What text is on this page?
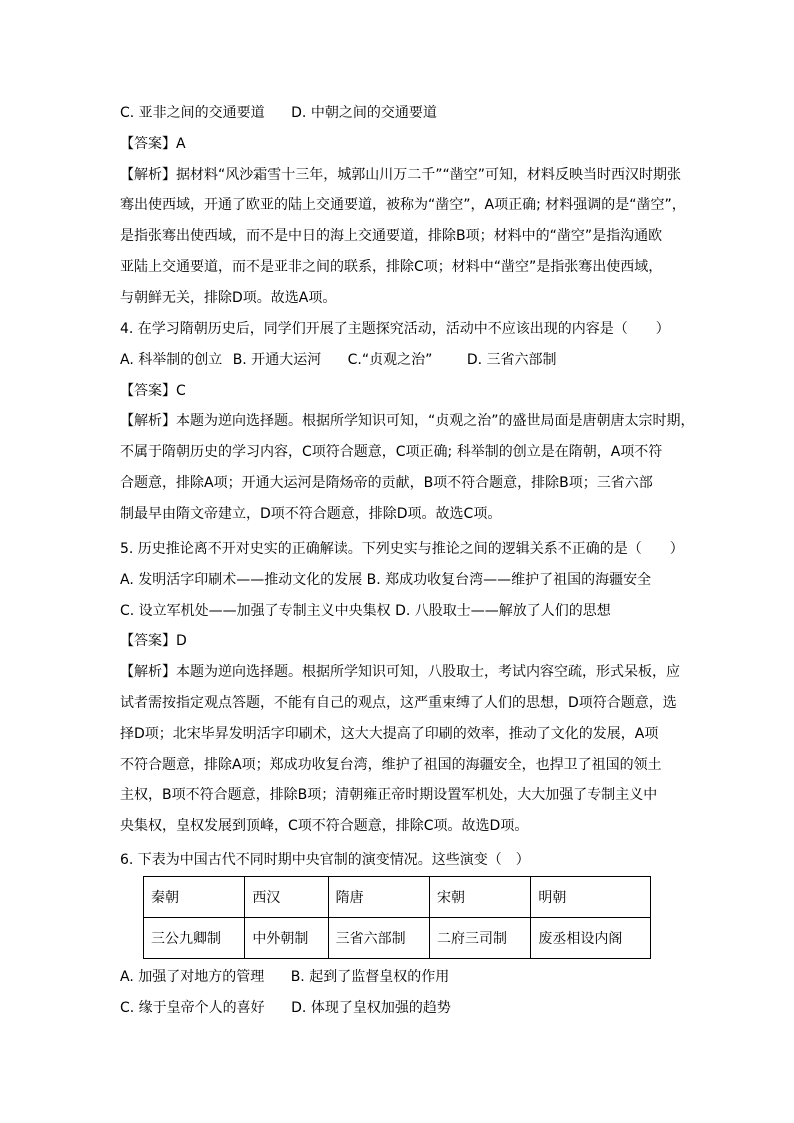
C. 亚非之间的交通要道 D. 中朝之间的交通要道
【答案】A
【解析】据材料“风沙霜雪十三年，城郭山川万二千”“凿空”可知，材料反映当时西汉时期张
骞出使西域，开通了欧亚的陆上交通要道，被称为“凿空”，A项正确; 材料强调的是“凿空”，
是指张骞出使西域，而不是中日的海上交通要道，排除B项；材料中的“凿空”是指沟通欧
亚陆上交通要道，而不是亚非之间的联系，排除C项；材料中“凿空”是指张骞出使西域，
与朝鲜无关，排除D项。故选A项。
4. 在学习隋朝历史后，同学们开展了主题探究活动，活动中不应该出现的内容是（　　）
A. 科举制的创立 B. 开通大运河 C.“贞观之治” D. 三省六部制
【答案】C
【解析】本题为逆向选择题。根据所学知识可知，“贞观之治”的盛世局面是唐朝唐太宗时期，
不属于隋朝历史的学习内容，C项符合题意，C项正确; 科举制的创立是在隋朝，A项不符
合题意，排除A项；开通大运河是隋炀帝的贡献，B项不符合题意，排除B项；三省六部
制最早由隋文帝建立，D项不符合题意，排除D项。故选C项。
5. 历史推论离不开对史实的正确解读。下列史实与推论之间的逻辑关系不正确的是（　　）
A. 发明活字印刷术——推动文化的发展 B. 郑成功收复台湾——维护了祖国的海疆安全
C. 设立军机处——加强了专制主义中央集权 D. 八股取士——解放了人们的思想
【答案】D
【解析】本题为逆向选择题。根据所学知识可知，八股取士，考试内容空疏，形式呆板，应
试者需按指定观点答题，不能有自己的观点，这严重束缚了人们的思想，D项符合题意，选
择D项；北宋毕昇发明活字印刷术，这大大提高了印刷的效率，推动了文化的发展，A项
不符合题意，排除A项；郑成功收复台湾，维护了祖国的海疆安全，也捍卫了祖国的领土
主权，B项不符合题意，排除B项；清朝雍正帝时期设置军机处，大大加强了专制主义中
央集权，皇权发展到顶峰，C项不符合题意，排除C项。故选D项。
6. 下表为中国古代不同时期中央官制的演变情况。这些演变（　）
秦朝	西汉	隋唐	宋朝	明朝
三公九卿制	中外朝制	三省六部制	二府三司制	废丞相设内阁
A. 加强了对地方的管理 B. 起到了监督皇权的作用
C. 缘于皇帝个人的喜好 D. 体现了皇权加强的趋势
